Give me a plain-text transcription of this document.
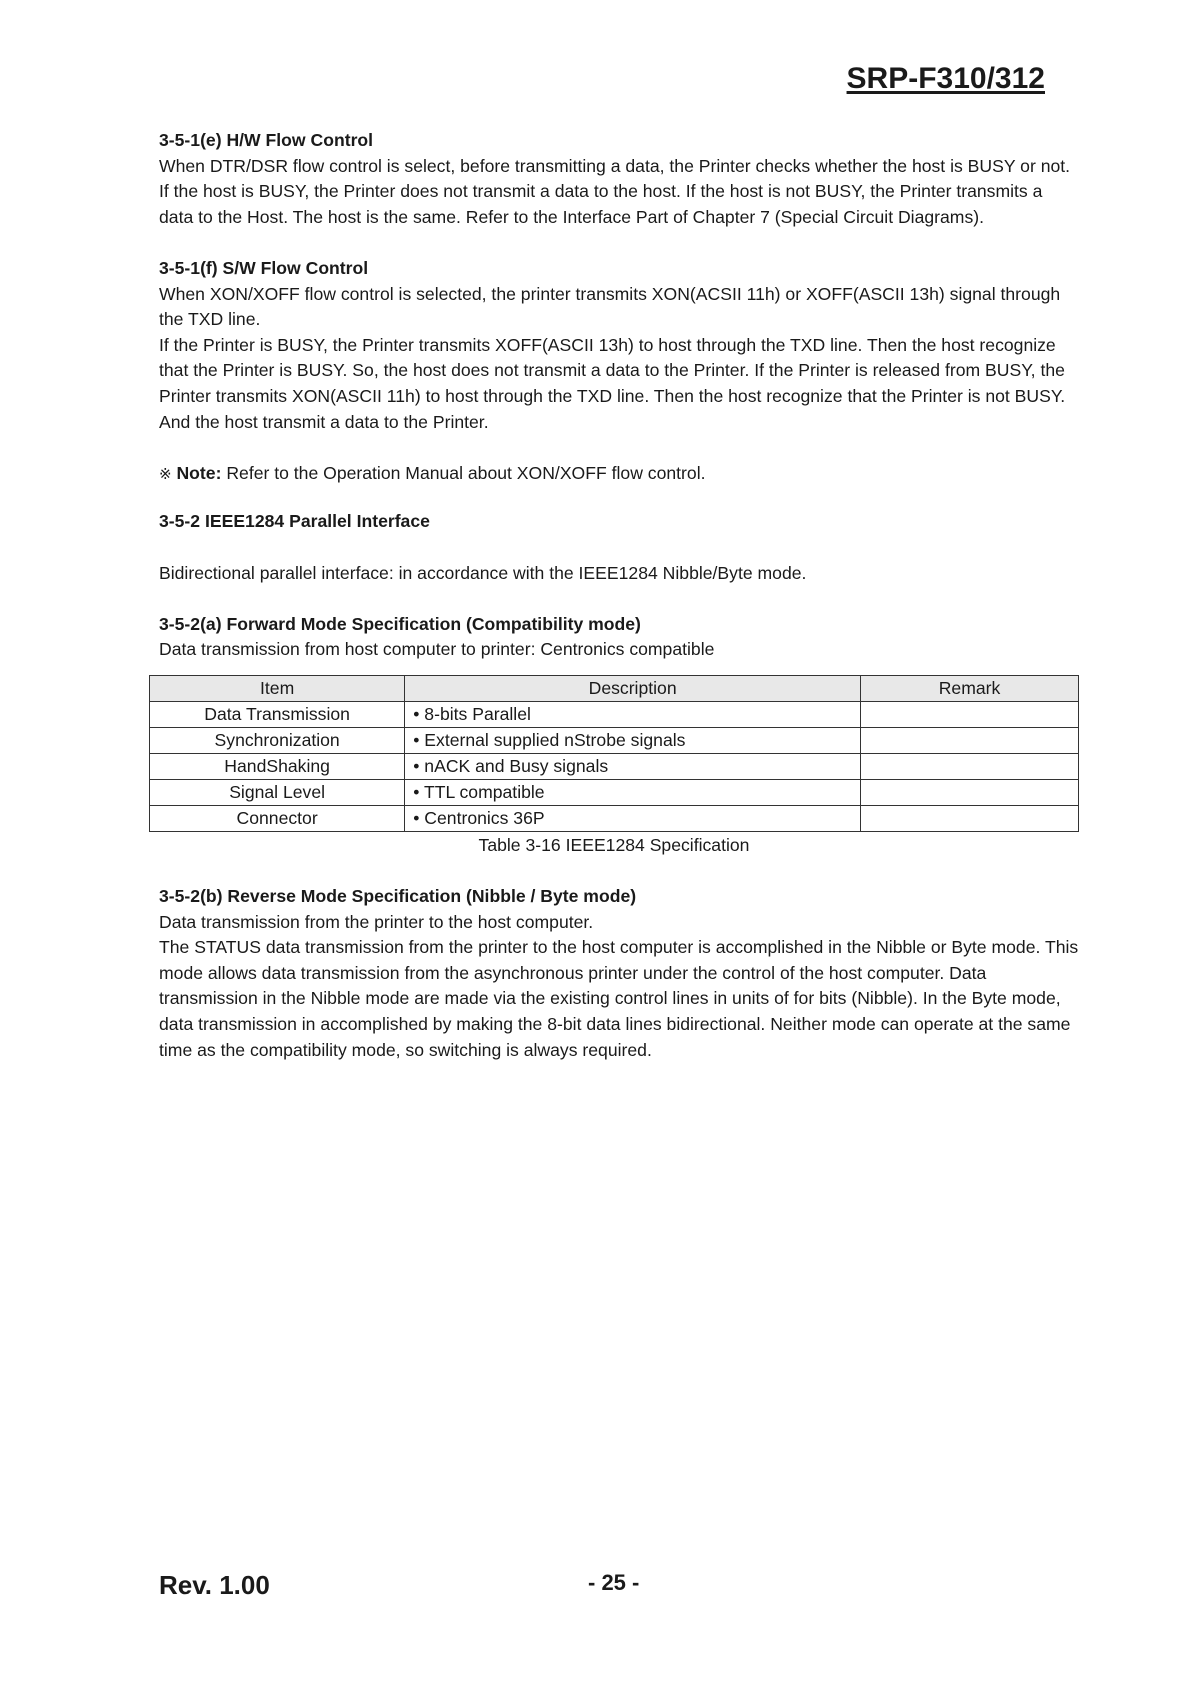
SRP-F310/312

3-5-1(e) H/W Flow Control

When DTR/DSR flow control is select, before transmitting a data, the Printer checks whether the host is BUSY or not. If the host is BUSY, the Printer does not transmit a data to the host. If the host is not BUSY, the Printer transmits a data to the Host. The host is the same. Refer to the Interface Part of Chapter 7 (Special Circuit Diagrams).

3-5-1(f) S/W Flow Control

When XON/XOFF flow control is selected, the printer transmits XON(ACSII 11h) or XOFF(ASCII 13h) signal through the TXD line.

If the Printer is BUSY, the Printer transmits XOFF(ASCII 13h) to host through the TXD line. Then the host recognize that the Printer is BUSY. So, the host does not transmit a data to the Printer. If the Printer is released from BUSY, the Printer transmits XON(ASCII 11h) to host through the TXD line. Then the host recognize that the Printer is not BUSY. And the host transmit a data to the Printer.

※ Note: Refer to the Operation Manual about XON/XOFF flow control.

3-5-2 IEEE1284 Parallel Interface

Bidirectional parallel interface: in accordance with the IEEE1284 Nibble/Byte mode.

3-5-2(a) Forward Mode Specification (Compatibility mode)

Data transmission from host computer to printer: Centronics compatible

Item	Description	Remark
Data Transmission	• 8-bits Parallel	
Synchronization	• External supplied nStrobe signals	
HandShaking	• nACK and Busy signals	
Signal Level	• TTL compatible	
Connector	• Centronics 36P	
Table 3-16 IEEE1284 Specification

3-5-2(b) Reverse Mode Specification (Nibble / Byte mode)

Data transmission from the printer to the host computer.

The STATUS data transmission from the printer to the host computer is accomplished in the Nibble or Byte mode. This mode allows data transmission from the asynchronous printer under the control of the host computer. Data transmission in the Nibble mode are made via the existing control lines in units of for bits (Nibble). In the Byte mode, data transmission in accomplished by making the 8-bit data lines bidirectional. Neither mode can operate at the same time as the compatibility mode, so switching is always required.

Rev. 1.00	- 25 -
